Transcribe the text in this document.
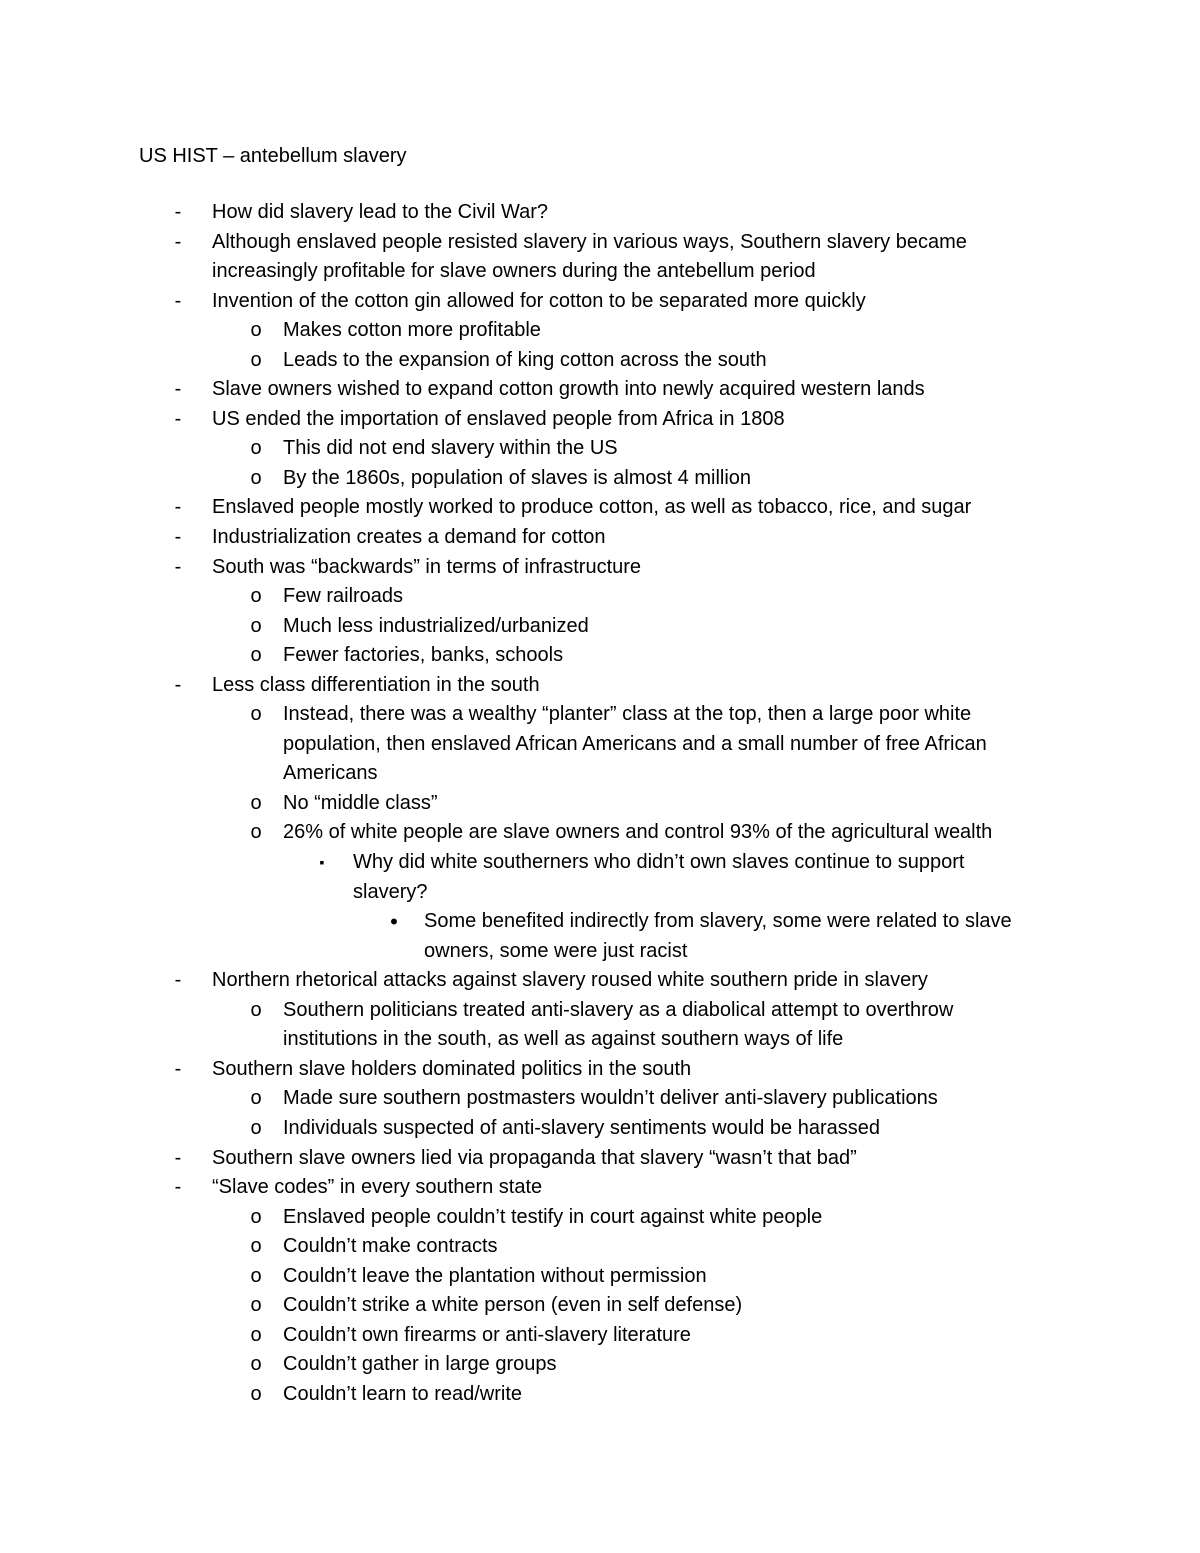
US HIST – antebellum slavery
-	How did slavery lead to the Civil War?
-	Although enslaved people resisted slavery in various ways, Southern slavery became
increasingly profitable for slave owners during the antebellum period
-	Invention of the cotton gin allowed for cotton to be separated more quickly
o	Makes cotton more profitable
o	Leads to the expansion of king cotton across the south
-	Slave owners wished to expand cotton growth into newly acquired western lands
-	US ended the importation of enslaved people from Africa in 1808
o	This did not end slavery within the US
o	By the 1860s, population of slaves is almost 4 million
-	Enslaved people mostly worked to produce cotton, as well as tobacco, rice, and sugar
-	Industrialization creates a demand for cotton
-	South was “backwards” in terms of infrastructure
o	Few railroads
o	Much less industrialized/urbanized
o	Fewer factories, banks, schools
-	Less class differentiation in the south
o	Instead, there was a wealthy “planter” class at the top, then a large poor white
population, then enslaved African Americans and a small number of free African
Americans
o	No “middle class”
o	26% of white people are slave owners and control 93% of the agricultural wealth
▪	Why did white southerners who didn’t own slaves continue to support
slavery?
•	Some benefited indirectly from slavery, some were related to slave
owners, some were just racist
-	Northern rhetorical attacks against slavery roused white southern pride in slavery
o	Southern politicians treated anti-slavery as a diabolical attempt to overthrow
institutions in the south, as well as against southern ways of life
-	Southern slave holders dominated politics in the south
o	Made sure southern postmasters wouldn’t deliver anti-slavery publications
o	Individuals suspected of anti-slavery sentiments would be harassed
-	Southern slave owners lied via propaganda that slavery “wasn’t that bad”
-	“Slave codes” in every southern state
o	Enslaved people couldn’t testify in court against white people
o	Couldn’t make contracts
o	Couldn’t leave the plantation without permission
o	Couldn’t strike a white person (even in self defense)
o	Couldn’t own firearms or anti-slavery literature
o	Couldn’t gather in large groups
o	Couldn’t learn to read/write
